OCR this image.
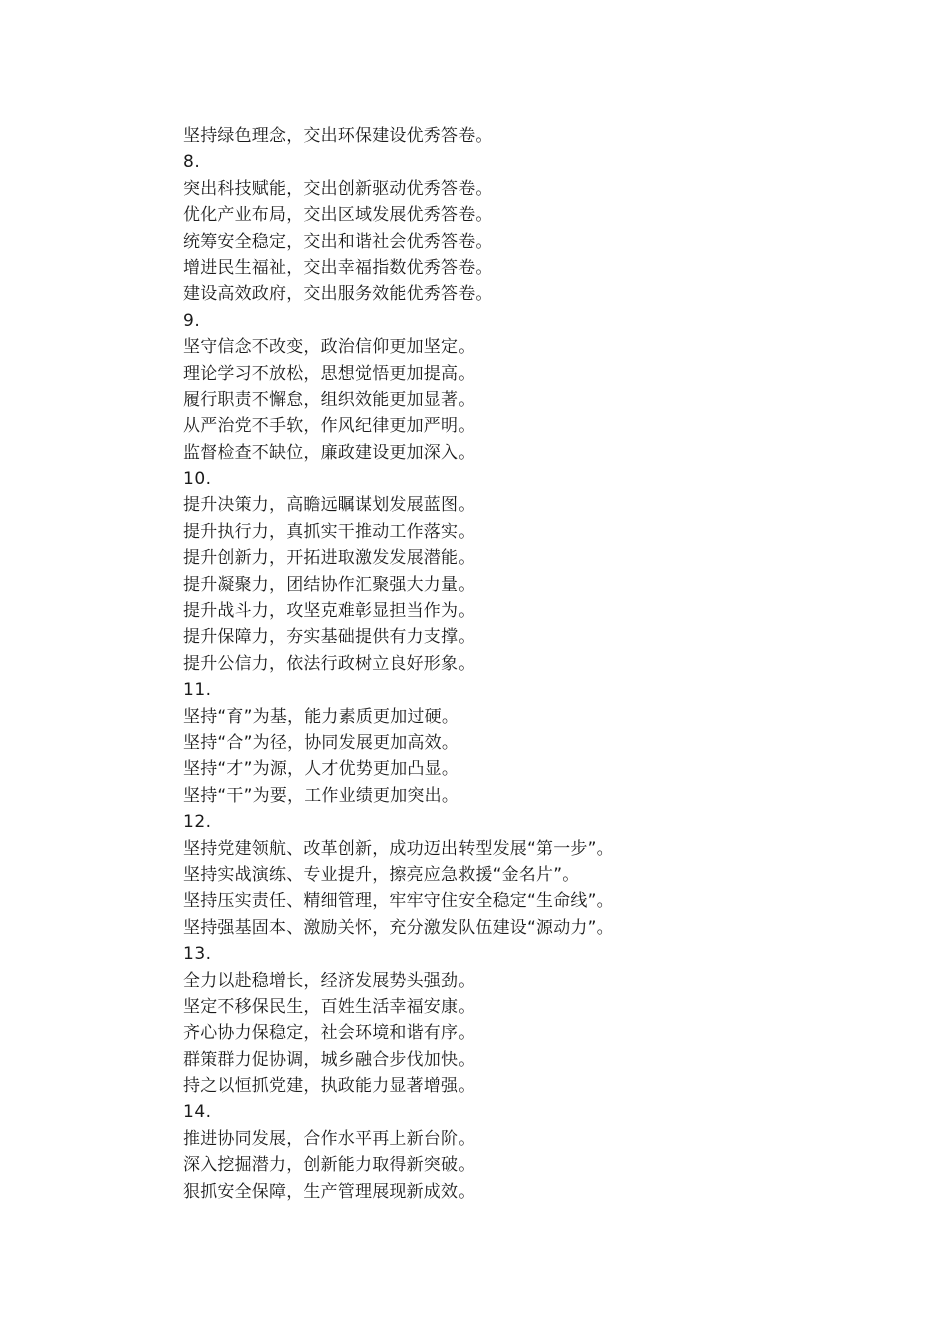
坚持绿色理念，交出环保建设优秀答卷。
8.
突出科技赋能，交出创新驱动优秀答卷。
优化产业布局，交出区域发展优秀答卷。
统筹安全稳定，交出和谐社会优秀答卷。
增进民生福祉，交出幸福指数优秀答卷。
建设高效政府，交出服务效能优秀答卷。
9.
坚守信念不改变，政治信仰更加坚定。
理论学习不放松，思想觉悟更加提高。
履行职责不懈怠，组织效能更加显著。
从严治党不手软，作风纪律更加严明。
监督检查不缺位，廉政建设更加深入。
10.
提升决策力，高瞻远瞩谋划发展蓝图。
提升执行力，真抓实干推动工作落实。
提升创新力，开拓进取激发发展潜能。
提升凝聚力，团结协作汇聚强大力量。
提升战斗力，攻坚克难彰显担当作为。
提升保障力，夯实基础提供有力支撑。
提升公信力，依法行政树立良好形象。
11.
坚持“育”为基，能力素质更加过硬。
坚持“合”为径，协同发展更加高效。
坚持“才”为源，人才优势更加凸显。
坚持“干”为要，工作业绩更加突出。
12.
坚持党建领航、改革创新，成功迈出转型发展“第一步”。
坚持实战演练、专业提升，擦亮应急救援“金名片”。
坚持压实责任、精细管理，牢牢守住安全稳定“生命线”。
坚持强基固本、激励关怀，充分激发队伍建设“源动力”。
13.
全力以赴稳增长，经济发展势头强劲。
坚定不移保民生，百姓生活幸福安康。
齐心协力保稳定，社会环境和谐有序。
群策群力促协调，城乡融合步伐加快。
持之以恒抓党建，执政能力显著增强。
14.
推进协同发展，合作水平再上新台阶。
深入挖掘潜力，创新能力取得新突破。
狠抓安全保障，生产管理展现新成效。
